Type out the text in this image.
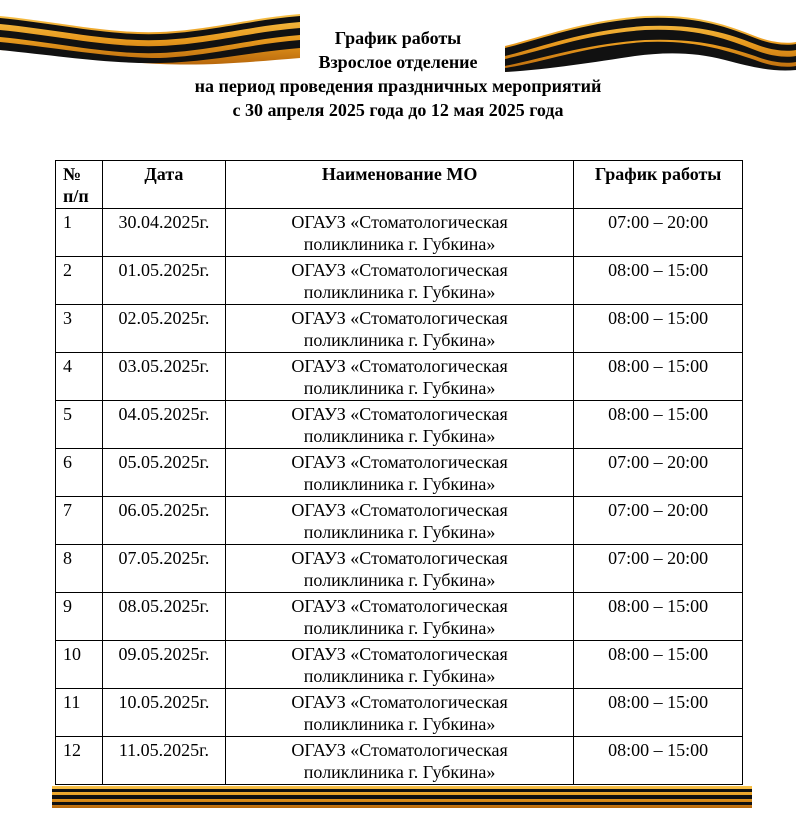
График работы
Взрослое отделение
на период проведения праздничных мероприятий
с 30 апреля 2025 года до 12 мая 2025 года
№ п/п	Дата	Наименование МО	График работы
1	30.04.2025г.	ОГАУЗ «Стоматологическая
поликлиника г. Губкина»	07:00 – 20:00
2	01.05.2025г.	ОГАУЗ «Стоматологическая
поликлиника г. Губкина»	08:00 – 15:00
3	02.05.2025г.	ОГАУЗ «Стоматологическая
поликлиника г. Губкина»	08:00 – 15:00
4	03.05.2025г.	ОГАУЗ «Стоматологическая
поликлиника г. Губкина»	08:00 – 15:00
5	04.05.2025г.	ОГАУЗ «Стоматологическая
поликлиника г. Губкина»	08:00 – 15:00
6	05.05.2025г.	ОГАУЗ «Стоматологическая
поликлиника г. Губкина»	07:00 – 20:00
7	06.05.2025г.	ОГАУЗ «Стоматологическая
поликлиника г. Губкина»	07:00 – 20:00
8	07.05.2025г.	ОГАУЗ «Стоматологическая
поликлиника г. Губкина»	07:00 – 20:00
9	08.05.2025г.	ОГАУЗ «Стоматологическая
поликлиника г. Губкина»	08:00 – 15:00
10	09.05.2025г.	ОГАУЗ «Стоматологическая
поликлиника г. Губкина»	08:00 – 15:00
11	10.05.2025г.	ОГАУЗ «Стоматологическая
поликлиника г. Губкина»	08:00 – 15:00
12	11.05.2025г.	ОГАУЗ «Стоматологическая
поликлиника г. Губкина»	08:00 – 15:00
